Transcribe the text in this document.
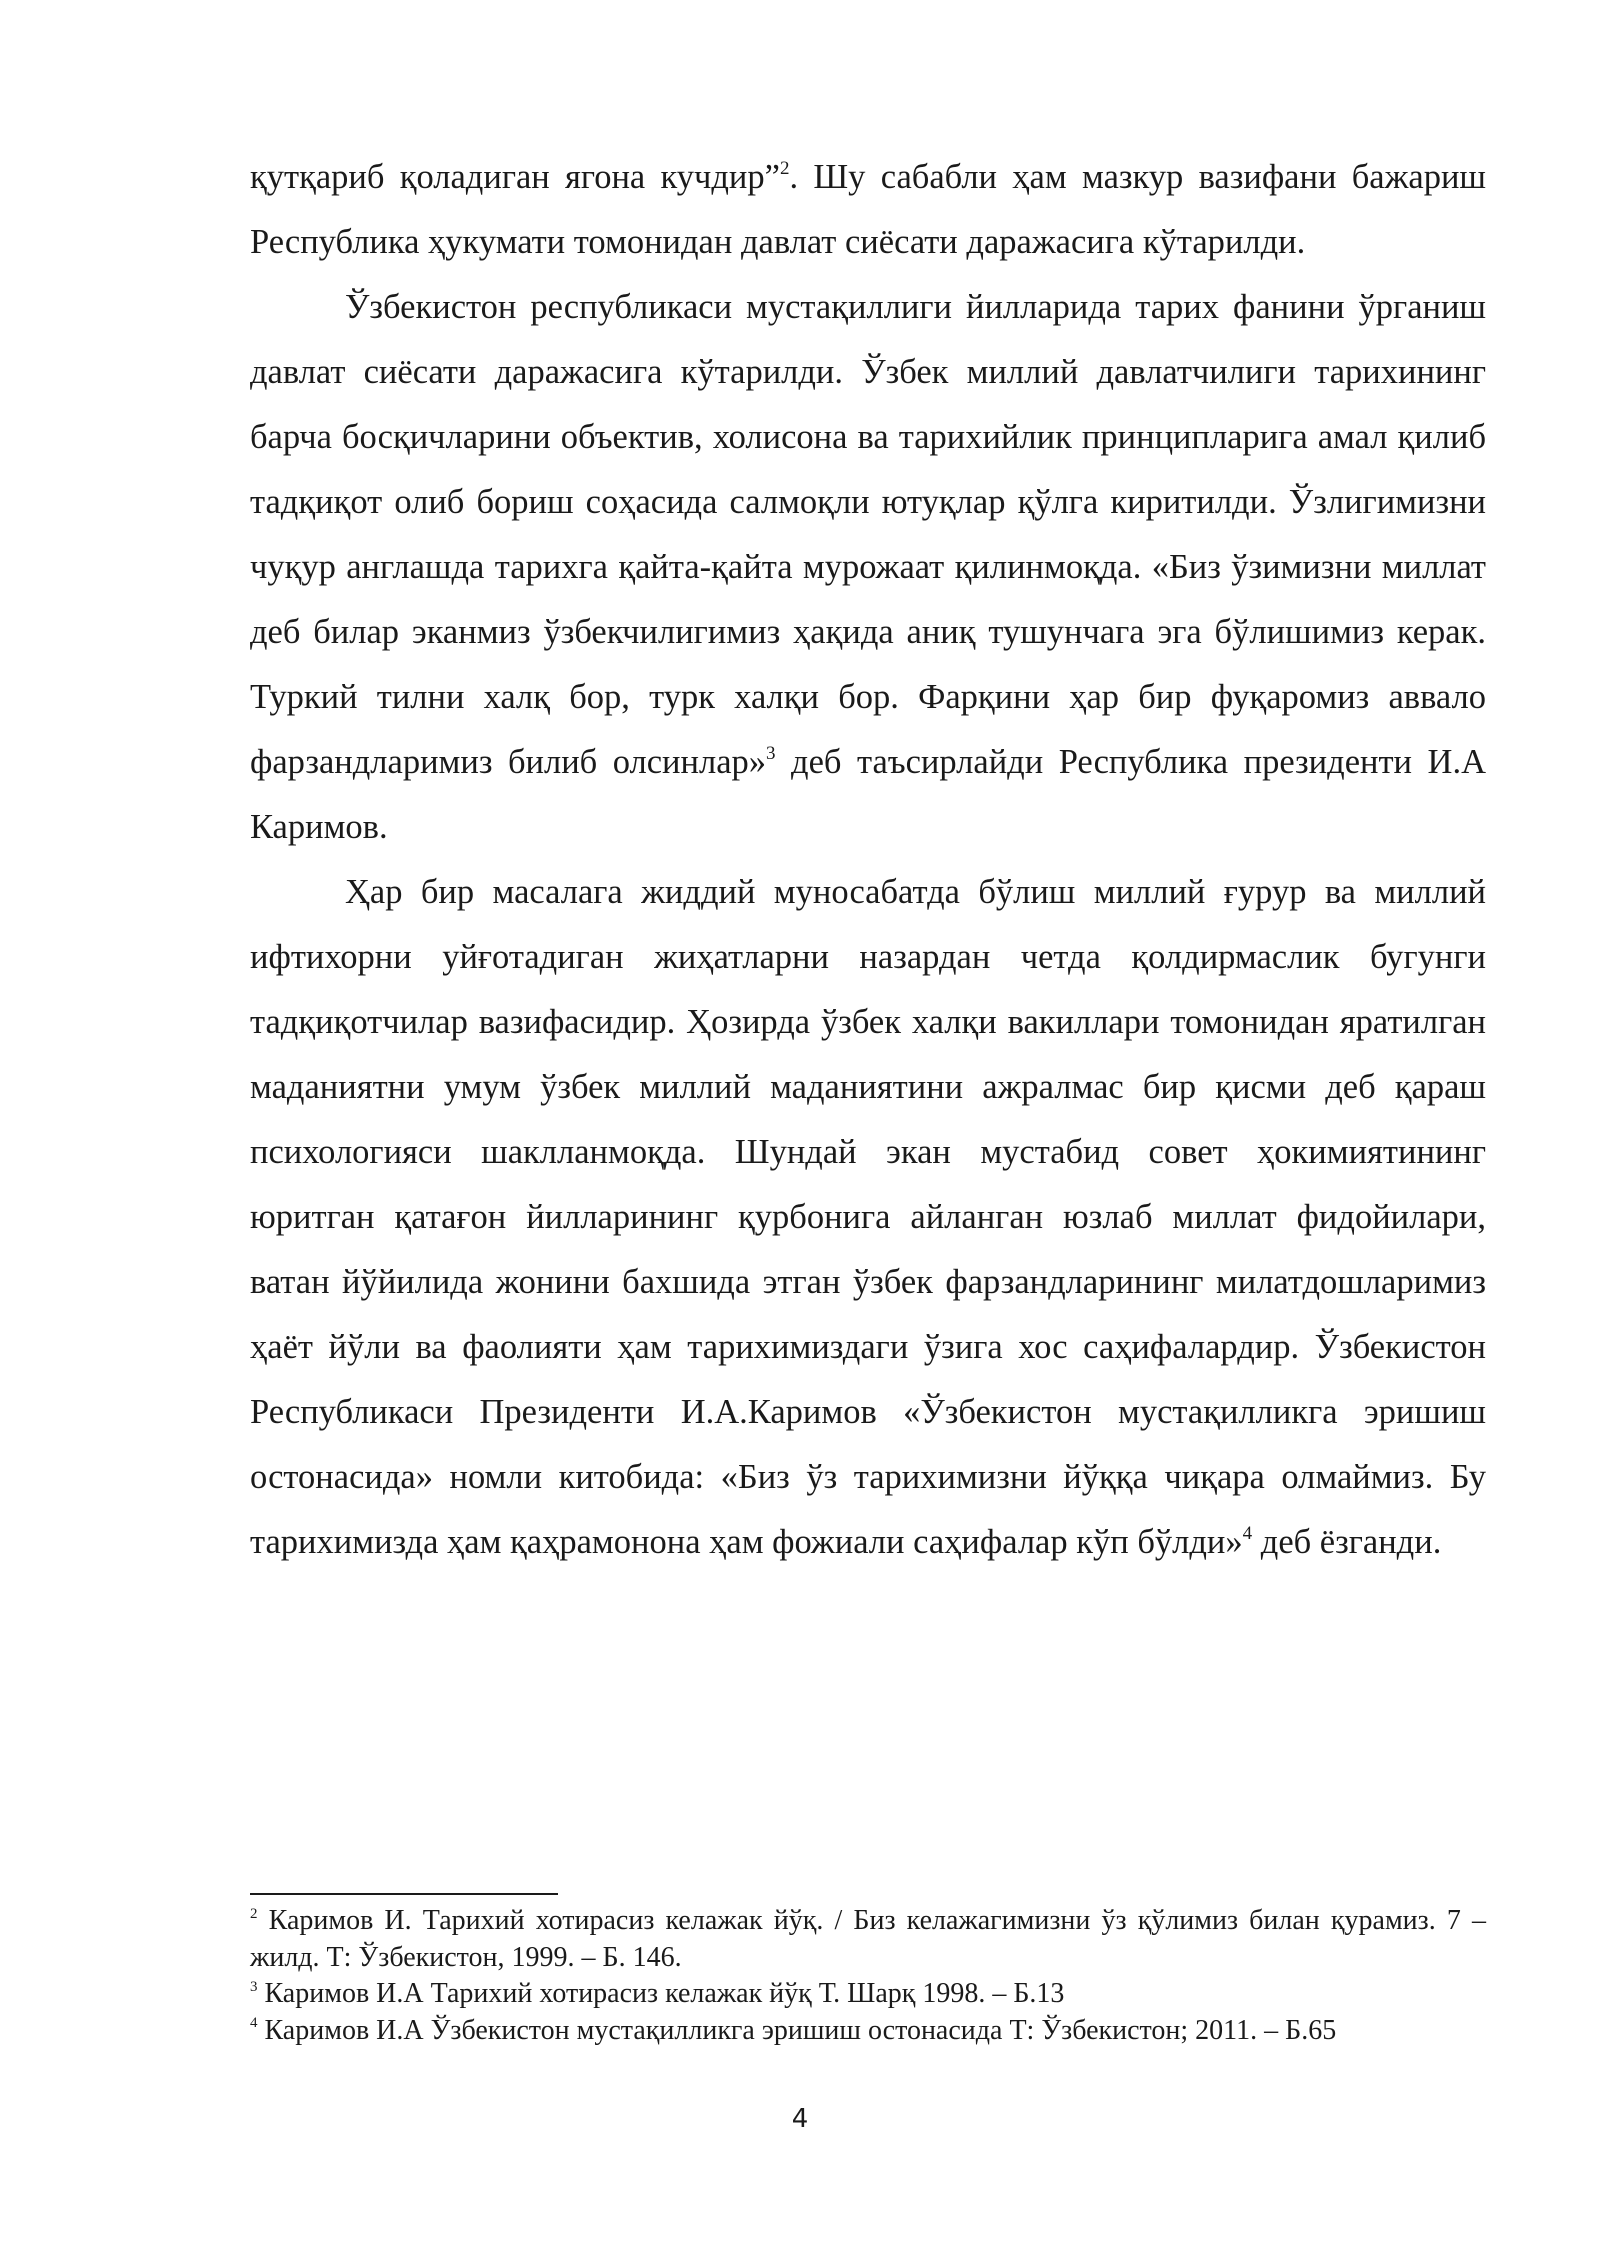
қутқариб қоладиган ягона кучдир”$^2$. Шу сабабли ҳам мазкур вазифани бажариш Республика ҳукумати томонидан давлат сиёсати даражасига кўтарилди.

Ўзбекистон республикаси мустақиллиги йилларида тарих фанини ўрганиш давлат сиёсати даражасига кўтарилди. Ўзбек миллий давлатчилиги тарихининг барча босқичларини объектив, холисона ва тарихийлик принципларига амал қилиб тадқиқот олиб бориш соҳасида салмоқли ютуқлар қўлга киритилди. Ўзлигимизни чуқур англашда тарихга қайта-қайта мурожаат қилинмоқда. «Биз ўзимизни миллат деб билар эканмиз ўзбекчилигимиз ҳақида аниқ тушунчага эга бўлишимиз керак. Туркий тилни халқ бор, турк халқи бор. Фарқини ҳар бир фуқаромиз аввало фарзандларимиз билиб олсинлар»$^3$ деб таъсирлайди Республика президенти И.А Каримов.

Ҳар бир масалага жиддий муносабатда бўлиш миллий ғурур ва миллий ифтихорни уйғотадиган жиҳатларни назардан четда қолдирмаслик бугунги тадқиқотчилар вазифасидир. Ҳозирда ўзбек халқи вакиллари томонидан яратилган маданиятни умум ўзбек миллий маданиятини ажралмас бир қисми деб қараш психологияси шаклланмоқда. Шундай экан мустабид совет ҳокимиятининг юритган қатағон йилларининг қурбонига айланган юзлаб миллат фидойилари, ватан йўйилида жонини бахшида этган ўзбек фарзандларининг милатдошларимиз ҳаёт йўли ва фаолияти ҳам тарихимиздаги ўзига хос саҳифалардир. Ўзбекистон Республикаси Президенти И.А.Каримов «Ўзбекистон мустақилликга эришиш остонасида» номли китобида: «Биз ўз тарихимизни йўққа чиқара олмаймиз. Бу тарихимизда ҳам қаҳрамонона ҳам фожиали саҳифалар кўп бўлди»$^4$ деб ёзганди.

$^2$ Каримов И. Тарихий хотирасиз келажак йўқ. / Биз келажагимизни ўз қўлимиз билан қурамиз. 7 – жилд. Т: Ўзбекистон, 1999. – Б. 146.

$^3$ Каримов И.А Тарихий хотирасиз келажак йўқ Т. Шарқ 1998. – Б.13

$^4$ Каримов И.А Ўзбекистон мустақилликга эришиш остонасида Т: Ўзбекистон; 2011. – Б.65

4
